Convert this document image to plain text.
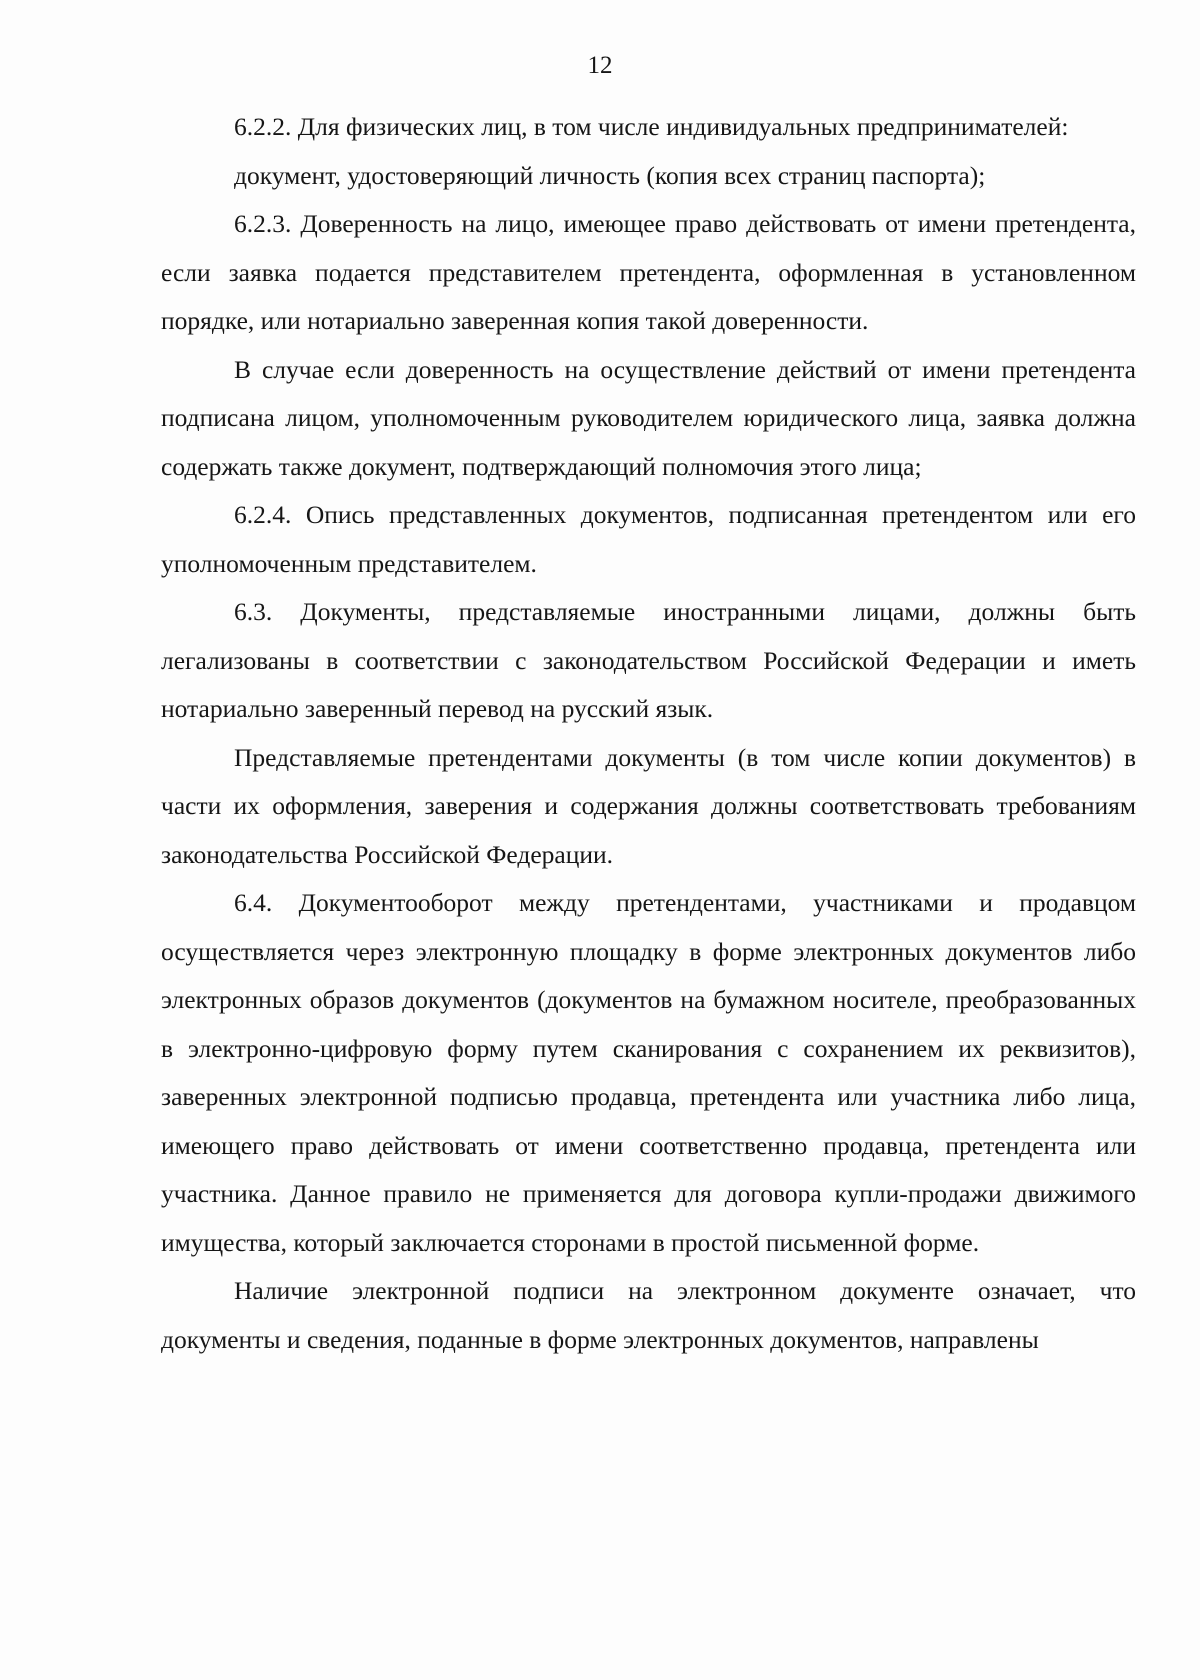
12

6.2.2. Для физических лиц, в том числе индивидуальных предпринимателей:

документ, удостоверяющий личность (копия всех страниц паспорта);

6.2.3. Доверенность на лицо, имеющее право действовать от имени претендента, если заявка подается представителем претендента, оформленная в установленном порядке, или нотариально заверенная копия такой доверенности.

В случае если доверенность на осуществление действий от имени претендента подписана лицом, уполномоченным руководителем юридического лица, заявка должна содержать также документ, подтверждающий полномочия этого лица;

6.2.4. Опись представленных документов, подписанная претендентом или его уполномоченным представителем.

6.3. Документы, представляемые иностранными лицами, должны быть легализованы в соответствии с законодательством Российской Федерации и иметь нотариально заверенный перевод на русский язык.

Представляемые претендентами документы (в том числе копии документов) в части их оформления, заверения и содержания должны соответствовать требованиям законодательства Российской Федерации.

6.4. Документооборот между претендентами, участниками и продавцом осуществляется через электронную площадку в форме электронных документов либо электронных образов документов (документов на бумажном носителе, преобразованных в электронно-цифровую форму путем сканирования с сохранением их реквизитов), заверенных электронной подписью продавца, претендента или участника либо лица, имеющего право действовать от имени соответственно продавца, претендента или участника. Данное правило не применяется для договора купли-продажи движимого имущества, который заключается сторонами в простой письменной форме.

Наличие электронной подписи на электронном документе означает, что документы и сведения, поданные в форме электронных документов, направлены
